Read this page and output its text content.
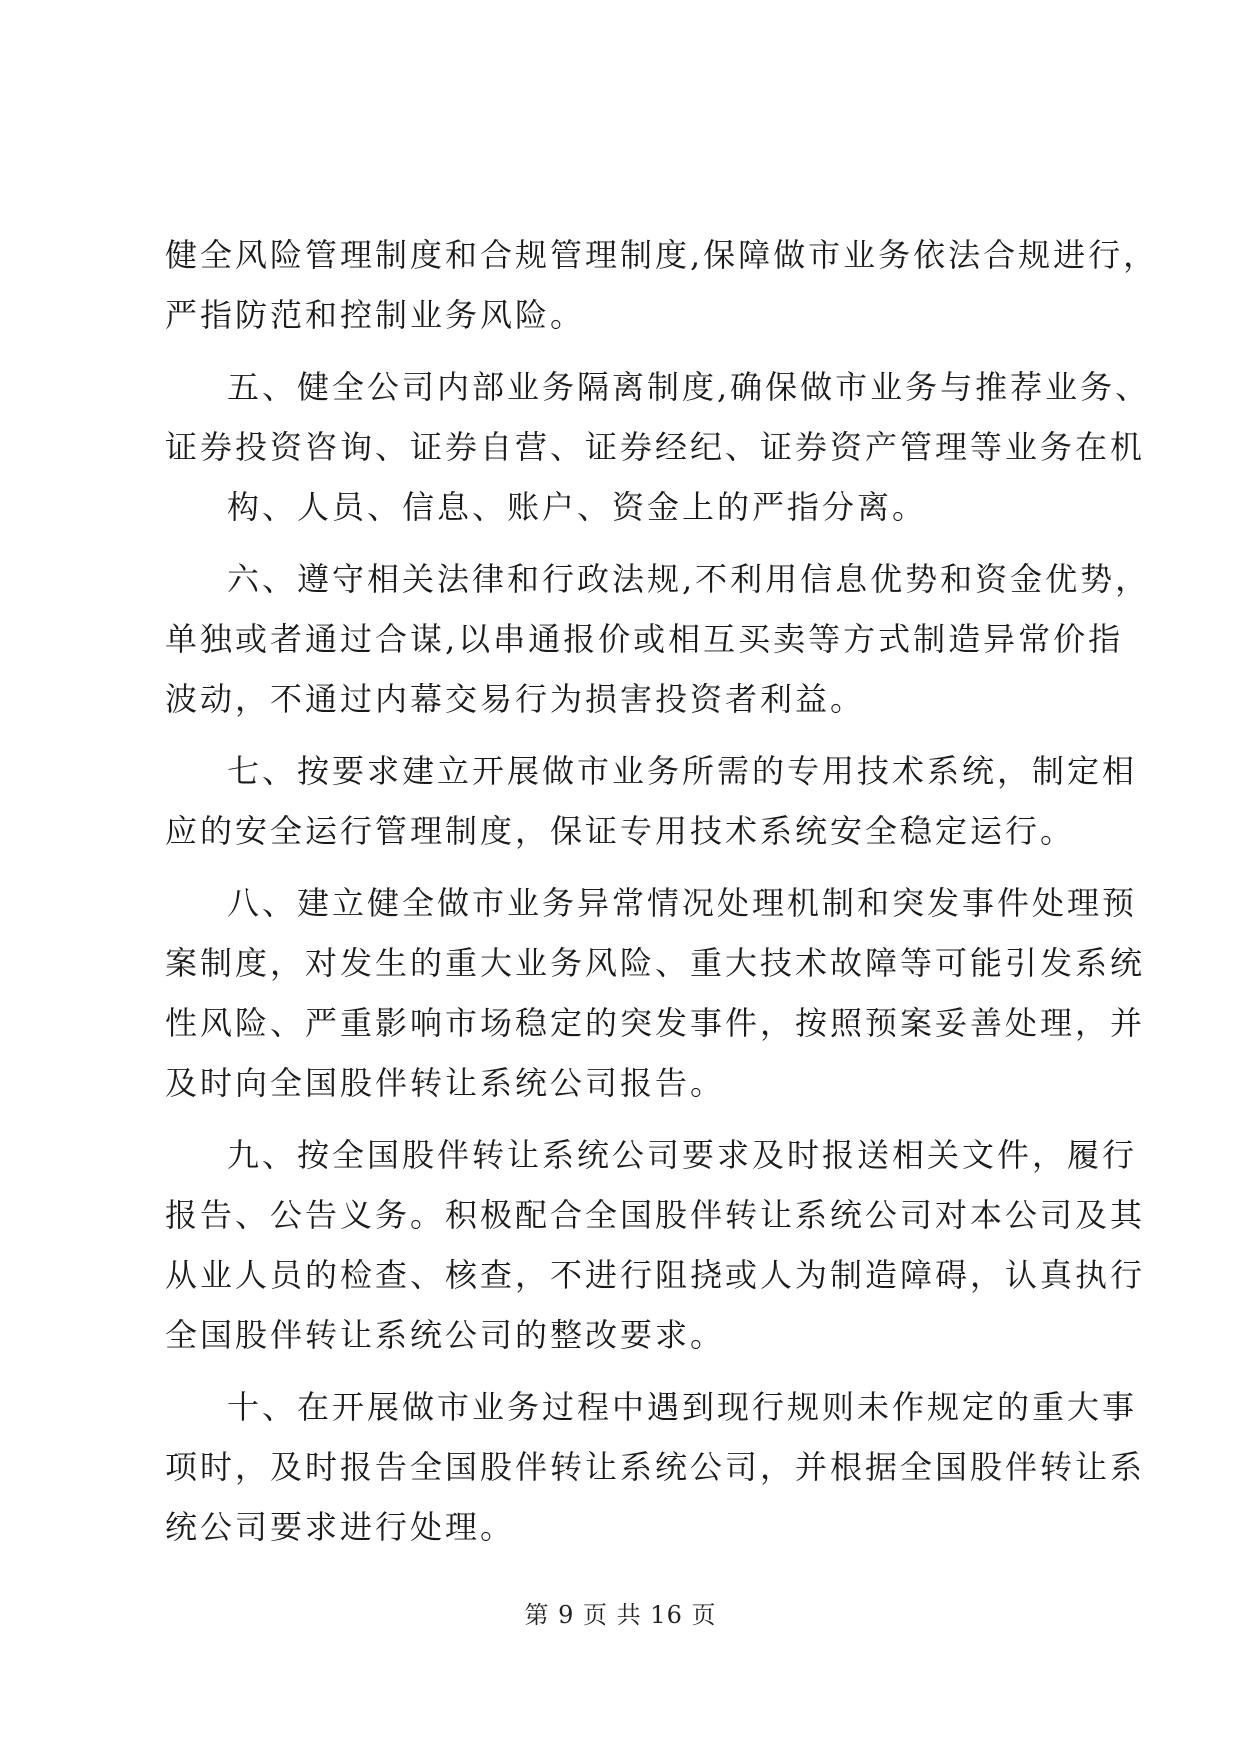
健全风险管理制度和合规管理制度,保障做市业务依法合规进行，
严指防范和控制业务风险。
五、健全公司内部业务隔离制度,确保做市业务与推荐业务、
证券投资咨询、证券自营、证券经纪、证券资产管理等业务在机
构、人员、信息、账户、资金上的严指分离。
六、遵守相关法律和行政法规,不利用信息优势和资金优势，
单独或者通过合谋,以串通报价或相互买卖等方式制造异常价指
波动，不通过内幕交易行为损害投资者利益。
七、按要求建立开展做市业务所需的专用技术系统，制定相
应的安全运行管理制度，保证专用技术系统安全稳定运行。
八、建立健全做市业务异常情况处理机制和突发事件处理预
案制度，对发生的重大业务风险、重大技术故障等可能引发系统
性风险、严重影响市场稳定的突发事件，按照预案妥善处理，并
及时向全国股伴转让系统公司报告。
九、按全国股伴转让系统公司要求及时报送相关文件，履行
报告、公告义务。积极配合全国股伴转让系统公司对本公司及其
从业人员的检查、核查，不进行阻挠或人为制造障碍，认真执行
全国股伴转让系统公司的整改要求。
十、在开展做市业务过程中遇到现行规则未作规定的重大事
项时，及时报告全国股伴转让系统公司，并根据全国股伴转让系
统公司要求进行处理。
第 9 页 共 16 页
